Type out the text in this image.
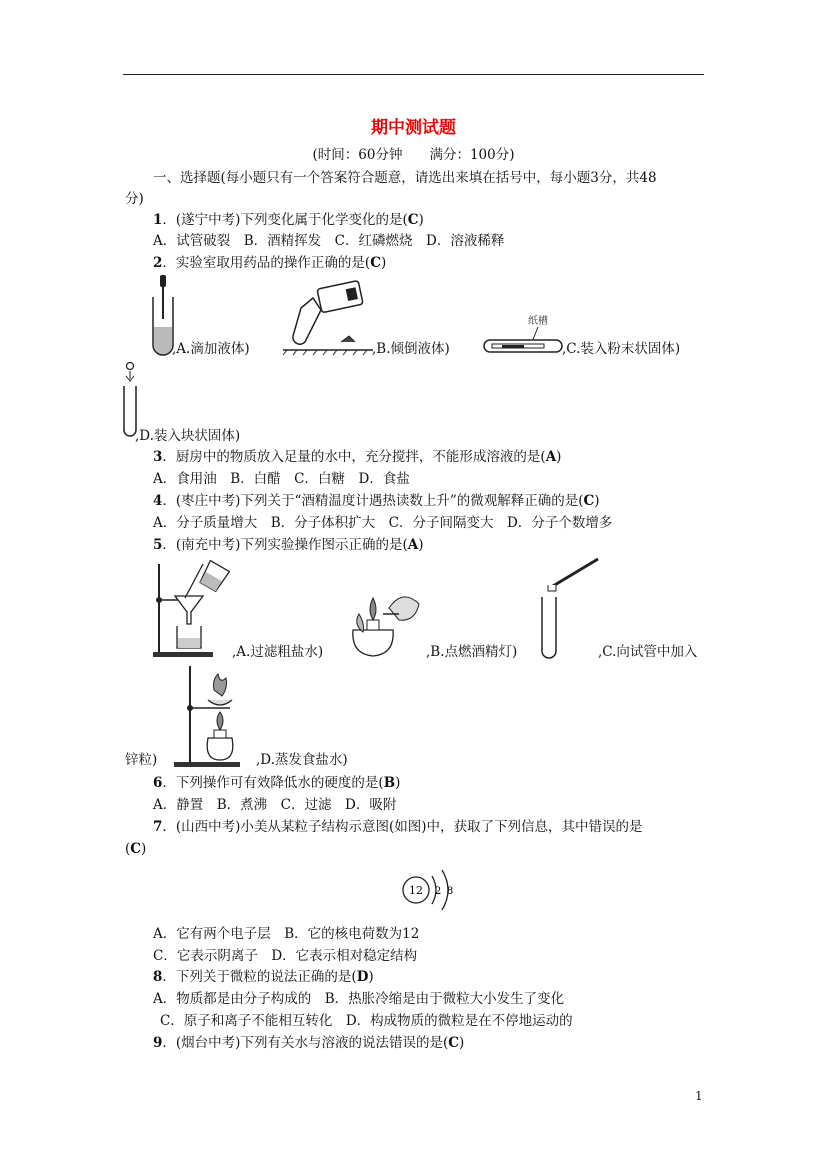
期中测试题
(时间：60分钟　　满分：100分)
一、选择题(每小题只有一个答案符合题意，请选出来填在括号中，每小题3分，共48
分)
1．(遂宁中考)下列变化属于化学变化的是(C)
A．试管破裂　B．酒精挥发　C．红磷燃烧　D．溶液稀释
2．实验室取用药品的操作正确的是(C)
,A.滴加液体)	,B.倾倒液体)
纸槽
,C.装入粉末状固体)
,D.装入块状固体)
3．厨房中的物质放入足量的水中，充分搅拌，不能形成溶液的是(A)
A．食用油　B．白醋　C．白糖　D．食盐
4．(枣庄中考)下列关于“酒精温度计遇热读数上升”的微观解释正确的是(C)
A．分子质量增大　B．分子体积扩大　C．分子间隔变大　D．分子个数增多
5．(南充中考)下列实验操作图示正确的是(A)
,A.过滤粗盐水)	,B.点燃酒精灯)	,C.向试管中加入
锌粒)	,D.蒸发食盐水)
6．下列操作可有效降低水的硬度的是(B)
A．静置　B．煮沸　C．过滤　D．吸附
7．(山西中考)小美从某粒子结构示意图(如图)中，获取了下列信息，其中错误的是
(C)
12 2 8
A．它有两个电子层　B．它的核电荷数为12
C．它表示阴离子　D．它表示相对稳定结构
8．下列关于微粒的说法正确的是(D)
A．物质都是由分子构成的　B．热胀冷缩是由于微粒大小发生了变化
C．原子和离子不能相互转化　D．构成物质的微粒是在不停地运动的
9．(烟台中考)下列有关水与溶液的说法错误的是(C)
1
